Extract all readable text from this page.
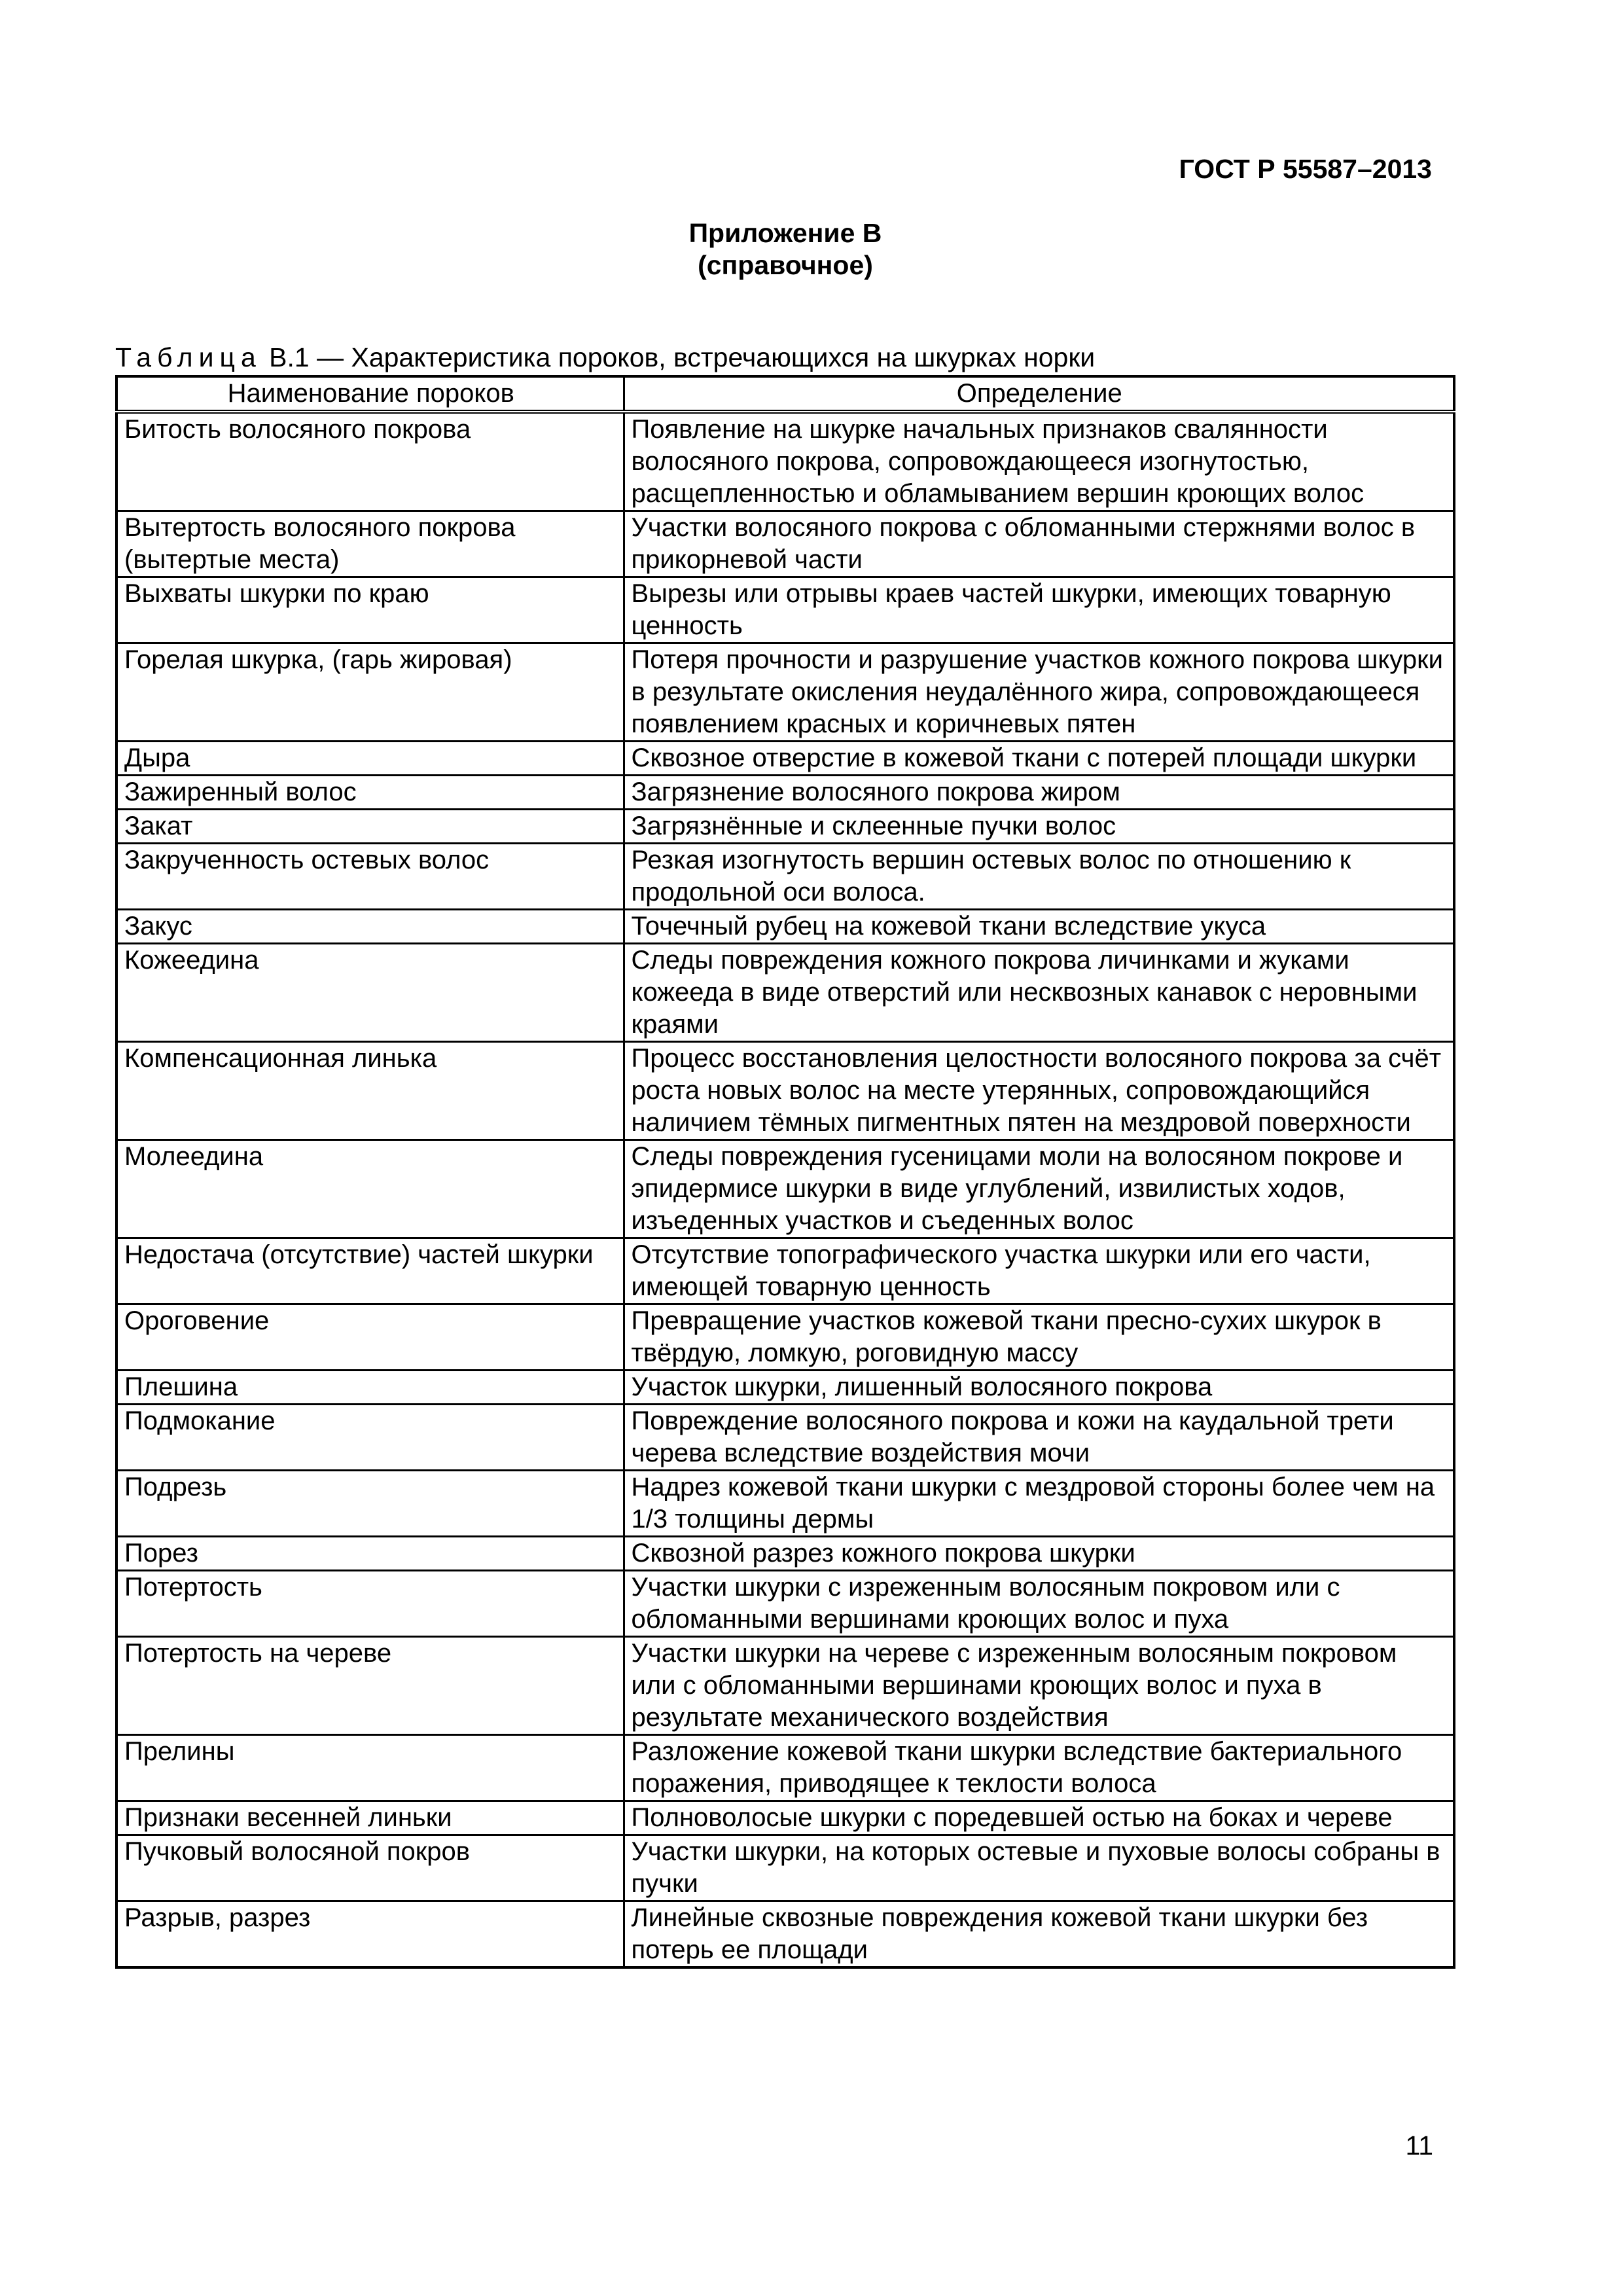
ГОСТ Р 55587–2013
Приложение В
(справочное)
Таблица В.1 — Характеристика пороков, встречающихся на шкурках норки
Наименование пороков	Определение
Битость волосяного покрова	Появление на шкурке начальных признаков свалянности волосяного покрова, сопровождающееся изогнутостью, расщепленностью и обламыванием вершин кроющих волос
Вытертость волосяного покрова (вытертые места)	Участки волосяного покрова с обломанными стержнями волос в прикорневой части
Выхваты шкурки по краю	Вырезы или отрывы краев частей шкурки, имеющих товарную ценность
Горелая шкурка, (гарь жировая)	Потеря прочности и разрушение участков кожного покрова шкурки в результате окисления неудалённого жира, сопровождающееся появлением красных и коричневых пятен
Дыра	Сквозное отверстие в кожевой ткани с потерей площади шкурки
Зажиренный волос	Загрязнение волосяного покрова жиром
Закат	Загрязнённые и склеенные пучки волос
Закрученность остевых волос	Резкая изогнутость вершин остевых волос по отношению к продольной оси волоса.
Закус	Точечный рубец на кожевой ткани вследствие укуса
Кожеедина	Следы повреждения кожного покрова личинками и жуками кожееда в виде отверстий или несквозных канавок с неровными краями
Компенсационная линька	Процесс восстановления целостности волосяного покрова за счёт роста новых волос на месте утерянных, сопровождающийся наличием тёмных пигментных пятен на мездровой поверхности
Молеедина	Следы повреждения гусеницами моли на волосяном покрове и эпидермисе шкурки в виде углублений, извилистых ходов, изъеденных участков и съеденных волос
Недостача (отсутствие) частей шкурки	Отсутствие топографического участка шкурки или его части, имеющей товарную ценность
Ороговение	Превращение участков кожевой ткани пресно-сухих шкурок в твёрдую, ломкую, роговидную массу
Плешина	Участок шкурки, лишенный волосяного покрова
Подмокание	Повреждение волосяного покрова и кожи на каудальной трети черева вследствие воздействия мочи
Подрезь	Надрез кожевой ткани шкурки с мездровой стороны более чем на 1/3 толщины дермы
Порез	Сквозной разрез кожного покрова шкурки
Потертость	Участки шкурки с изреженным волосяным покровом или с обломанными вершинами кроющих волос и пуха
Потертость на череве	Участки шкурки на череве с изреженным волосяным покровом или с обломанными вершинами кроющих волос и пуха в результате механического воздействия
Прелины	Разложение кожевой ткани шкурки вследствие бактериального поражения, приводящее к теклости волоса
Признаки весенней линьки	Полноволосые шкурки с поредевшей остью на боках и череве
Пучковый волосяной покров	Участки шкурки, на которых остевые и пуховые волосы собраны в пучки
Разрыв, разрез	Линейные сквозные повреждения кожевой ткани шкурки без потерь ее площади
11
